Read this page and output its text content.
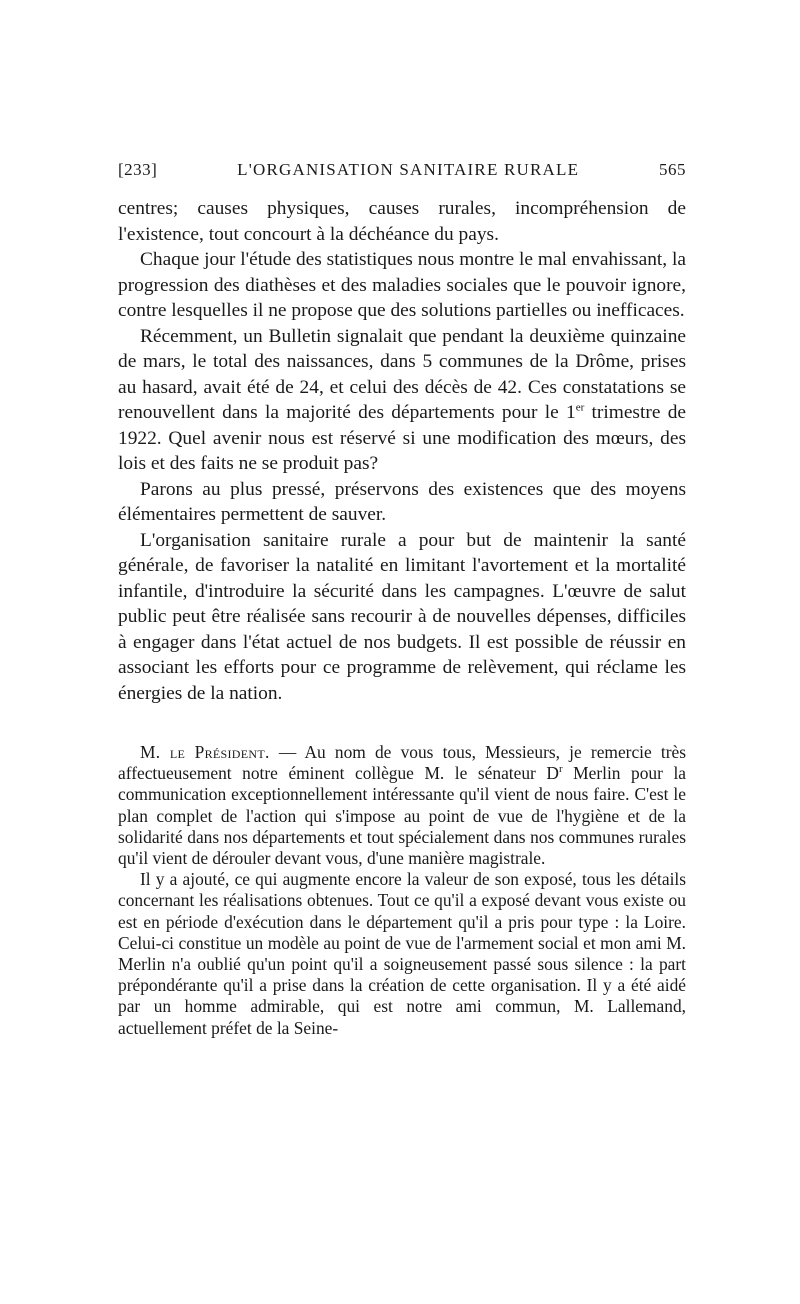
[233]	L'ORGANISATION SANITAIRE RURALE	565

centres; causes physiques, causes rurales, incompréhension de l'existence, tout concourt à la déchéance du pays.

Chaque jour l'étude des statistiques nous montre le mal envahissant, la progression des diathèses et des maladies sociales que le pouvoir ignore, contre lesquelles il ne propose que des solutions partielles ou inefficaces.

Récemment, un Bulletin signalait que pendant la deuxième quinzaine de mars, le total des naissances, dans 5 communes de la Drôme, prises au hasard, avait été de 24, et celui des décès de 42. Ces constatations se renouvellent dans la majorité des départements pour le 1er trimestre de 1922. Quel avenir nous est réservé si une modification des mœurs, des lois et des faits ne se produit pas?

Parons au plus pressé, préservons des existences que des moyens élémentaires permettent de sauver.

L'organisation sanitaire rurale a pour but de maintenir la santé générale, de favoriser la natalité en limitant l'avortement et la mortalité infantile, d'introduire la sécurité dans les campagnes. L'œuvre de salut public peut être réalisée sans recourir à de nouvelles dépenses, difficiles à engager dans l'état actuel de nos budgets. Il est possible de réussir en associant les efforts pour ce programme de relèvement, qui réclame les énergies de la nation.

M. le Président. — Au nom de vous tous, Messieurs, je remercie très affectueusement notre éminent collègue M. le sénateur $D^r$ Merlin pour la communication exceptionnellement intéressante qu'il vient de nous faire. C'est le plan complet de l'action qui s'impose au point de vue de l'hygiène et de la solidarité dans nos départements et tout spécialement dans nos communes rurales qu'il vient de dérouler devant vous, d'une manière magistrale.

Il y a ajouté, ce qui augmente encore la valeur de son exposé, tous les détails concernant les réalisations obtenues. Tout ce qu'il a exposé devant vous existe ou est en période d'exécution dans le département qu'il a pris pour type : la Loire. Celui-ci constitue un modèle au point de vue de l'armement social et mon ami M. Merlin n'a oublié qu'un point qu'il a soigneusement passé sous silence : la part prépondérante qu'il a prise dans la création de cette organisation. Il y a été aidé par un homme admirable, qui est notre ami commun, M. Lallemand, actuellement préfet de la Seine-
